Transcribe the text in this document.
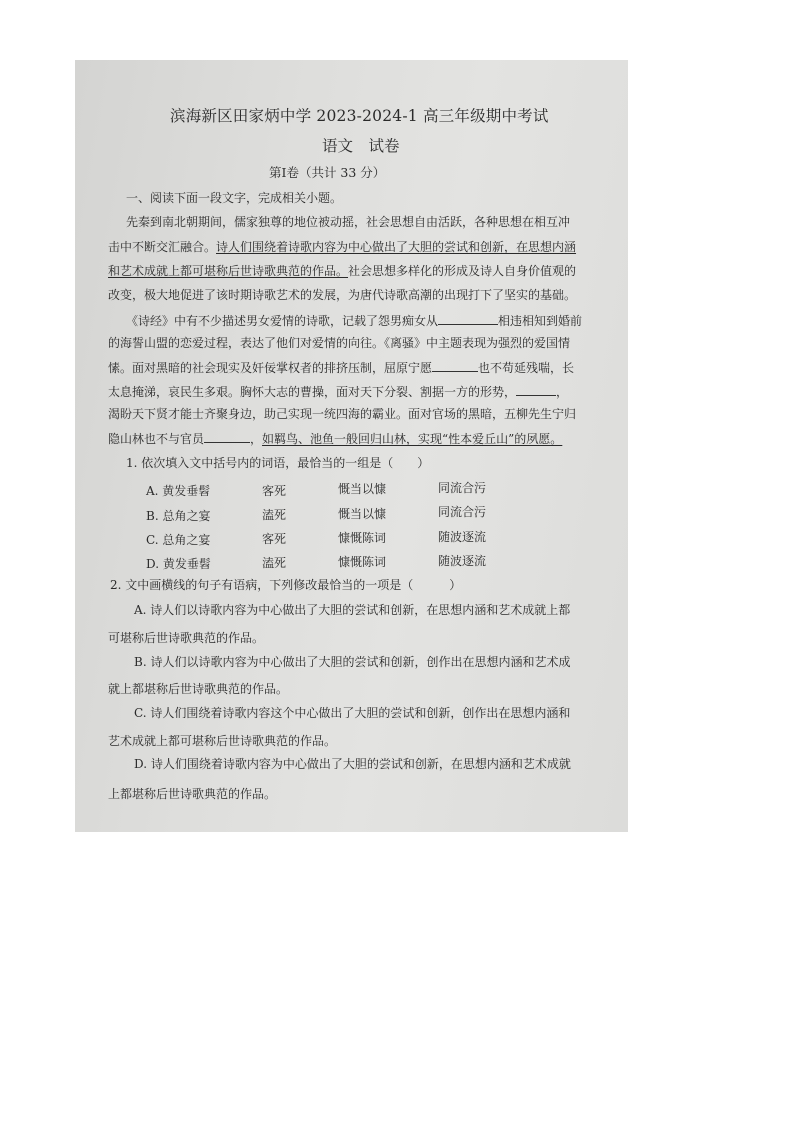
滨海新区田家炳中学 2023-2024-1 高三年级期中考试
语文　试卷
第Ⅰ卷（共计 33 分）
一、阅读下面一段文字，完成相关小题。
先秦到南北朝期间，儒家独尊的地位被动摇，社会思想自由活跃，各种思想在相互冲
击中不断交汇融合。诗人们围绕着诗歌内容为中心做出了大胆的尝试和创新，在思想内涵
和艺术成就上都可堪称后世诗歌典范的作品。社会思想多样化的形成及诗人自身价值观的
改变，极大地促进了该时期诗歌艺术的发展，为唐代诗歌高潮的出现打下了坚实的基础。
《诗经》中有不少描述男女爱情的诗歌，记载了怨男痴女从	相违相知到婚前
的海誓山盟的恋爱过程，表达了他们对爱情的向往。《离骚》中主题表现为强烈的爱国情
愫。面对黑暗的社会现实及奸佞掌权者的排挤压制，屈原宁愿	也不苟延残喘，长
太息掩涕，哀民生多艰。胸怀大志的曹操，面对天下分裂、割据一方的形势，	，
渴盼天下贤才能士齐聚身边，助己实现一统四海的霸业。面对官场的黑暗，五柳先生宁归
隐山林也不与官员	，如羁鸟、池鱼一般回归山林，实现“性本爱丘山”的夙愿。
1. 依次填入文中括号内的词语，最恰当的一组是（　　）
A. 黄发垂髫	客死	慨当以慷	同流合污
B. 总角之宴	溘死	慨当以慷	同流合污
C. 总角之宴	客死	慷慨陈词	随波逐流
D. 黄发垂髫	溘死	慷慨陈词	随波逐流
2. 文中画横线的句子有语病，下列修改最恰当的一项是（　　　）
A. 诗人们以诗歌内容为中心做出了大胆的尝试和创新，在思想内涵和艺术成就上都
可堪称后世诗歌典范的作品。
B. 诗人们以诗歌内容为中心做出了大胆的尝试和创新，创作出在思想内涵和艺术成
就上都堪称后世诗歌典范的作品。
C. 诗人们围绕着诗歌内容这个中心做出了大胆的尝试和创新，创作出在思想内涵和
艺术成就上都可堪称后世诗歌典范的作品。
D. 诗人们围绕着诗歌内容为中心做出了大胆的尝试和创新，在思想内涵和艺术成就
上都堪称后世诗歌典范的作品。
